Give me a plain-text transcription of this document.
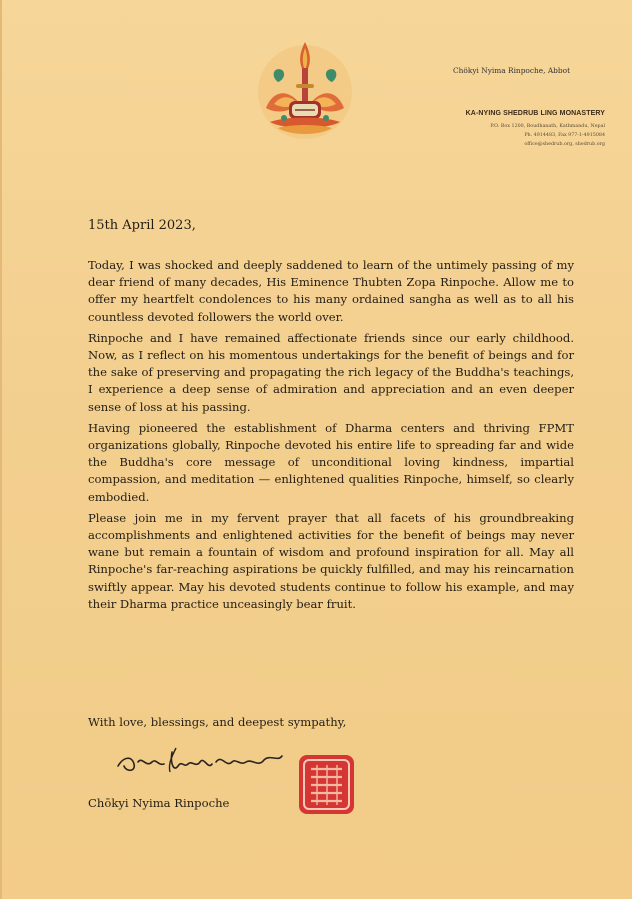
Chökyi Nyima Rinpoche, Abbot
KA-NYING SHEDRUB LING MONASTERY
P.O. Box 1200, Boudhanath, Kathmandu, Nepal
Ph. 4914483, Fax 977-1-4915084
office@shedrub.org, shedrub.org
15th April 2023,

Today, I was shocked and deeply saddened to learn of the untimely passing of my dear friend of many decades, His Eminence Thubten Zopa Rinpoche. Allow me to offer my heartfelt condolences to his many ordained sangha as well as to all his countless devoted followers the world over.

Rinpoche and I have remained affectionate friends since our early childhood. Now, as I reflect on his momentous undertakings for the benefit of beings and for the sake of preserving and propagating the rich legacy of the Buddha's teachings, I experience a deep sense of admiration and appreciation and an even deeper sense of loss at his passing.

Having pioneered the establishment of Dharma centers and thriving FPMT organizations globally, Rinpoche devoted his entire life to spreading far and wide the Buddha's core message of unconditional loving kindness, impartial compassion, and meditation — enlightened qualities Rinpoche, himself, so clearly embodied.

Please join me in my fervent prayer that all facets of his groundbreaking accomplishments and enlightened activities for the benefit of beings may never wane but remain a fountain of wisdom and profound inspiration for all. May all Rinpoche's far-reaching aspirations be quickly fulfilled, and may his reincarnation swiftly appear. May his devoted students continue to follow his example, and may their Dharma practice unceasingly bear fruit.

With love, blessings, and deepest sympathy,
Chōkyi Nyima Rinpoche
